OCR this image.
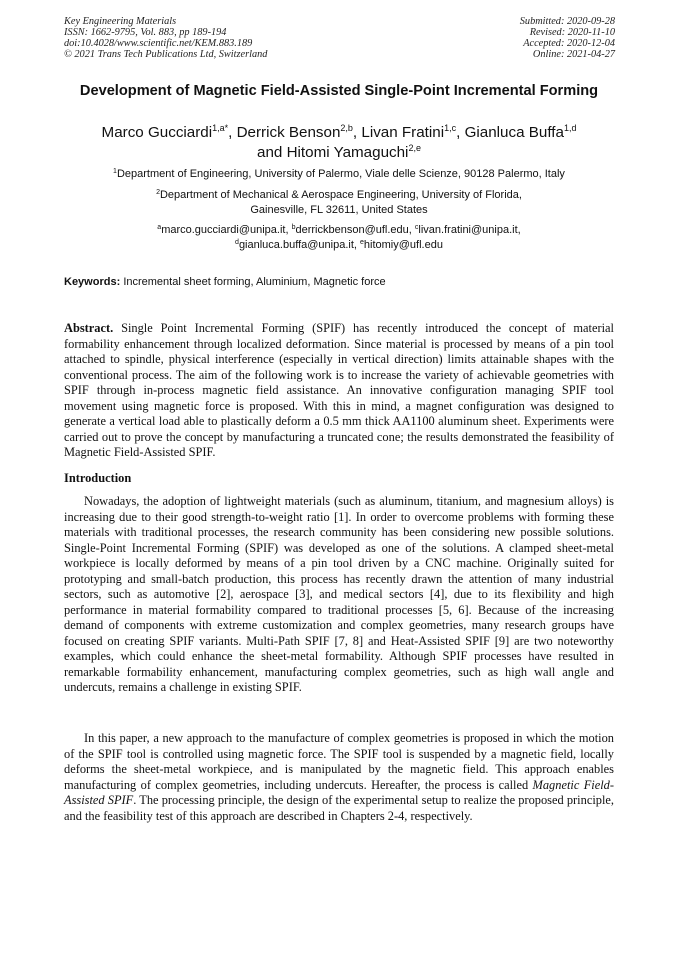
Key Engineering Materials
ISSN: 1662-9795, Vol. 883, pp 189-194
doi:10.4028/www.scientific.net/KEM.883.189
© 2021 Trans Tech Publications Ltd, Switzerland
Submitted: 2020-09-28
Revised: 2020-11-10
Accepted: 2020-12-04
Online: 2021-04-27
Development of Magnetic Field-Assisted Single-Point Incremental Forming
Marco Gucciardi$^{1,a*}$, Derrick Benson$^{2,b}$, Livan Fratini$^{1,c}$, Gianluca Buffa$^{1,d}$
and Hitomi Yamaguchi$^{2,e}$
$^1$Department of Engineering, University of Palermo, Viale delle Scienze, 90128 Palermo, Italy
$^2$Department of Mechanical & Aerospace Engineering, University of Florida,
Gainesville, FL 32611, United States
$^a$marco.gucciardi@unipa.it, $^b$derrickbenson@ufl.edu, $^c$livan.fratini@unipa.it,
$^d$gianluca.buffa@unipa.it, $^e$hitomiy@ufl.edu
Keywords: Incremental sheet forming, Aluminium, Magnetic force
Abstract. Single Point Incremental Forming (SPIF) has recently introduced the concept of material formability enhancement through localized deformation. Since material is processed by means of a pin tool attached to spindle, physical interference (especially in vertical direction) limits attainable shapes with the conventional process. The aim of the following work is to increase the variety of achievable geometries with SPIF through in-process magnetic field assistance. An innovative configuration managing SPIF tool movement using magnetic force is proposed. With this in mind, a magnet configuration was designed to generate a vertical load able to plastically deform a 0.5 mm thick AA1100 aluminum sheet. Experiments were carried out to prove the concept by manufacturing a truncated cone; the results demonstrated the feasibility of Magnetic Field-Assisted SPIF.
Introduction
Nowadays, the adoption of lightweight materials (such as aluminum, titanium, and magnesium alloys) is increasing due to their good strength-to-weight ratio [1]. In order to overcome problems with forming these materials with traditional processes, the research community has been considering new possible solutions. Single-Point Incremental Forming (SPIF) was developed as one of the solutions. A clamped sheet-metal workpiece is locally deformed by means of a pin tool driven by a CNC machine. Originally suited for prototyping and small-batch production, this process has recently drawn the attention of many industrial sectors, such as automotive [2], aerospace [3], and medical sectors [4], due to its flexibility and high performance in material formability compared to traditional processes [5, 6]. Because of the increasing demand of components with extreme customization and complex geometries, many research groups have focused on creating SPIF variants. Multi-Path SPIF [7, 8] and Heat-Assisted SPIF [9] are two noteworthy examples, which could enhance the sheet-metal formability. Although SPIF processes have resulted in remarkable formability enhancement, manufacturing complex geometries, such as high wall angle and undercuts, remains a challenge in existing SPIF.
In this paper, a new approach to the manufacture of complex geometries is proposed in which the motion of the SPIF tool is controlled using magnetic force. The SPIF tool is suspended by a magnetic field, locally deforms the sheet-metal workpiece, and is manipulated by the magnetic field. This approach enables manufacturing of complex geometries, including undercuts. Hereafter, the process is called Magnetic Field-Assisted SPIF. The processing principle, the design of the experimental setup to realize the proposed principle, and the feasibility test of this approach are described in Chapters 2-4, respectively.
